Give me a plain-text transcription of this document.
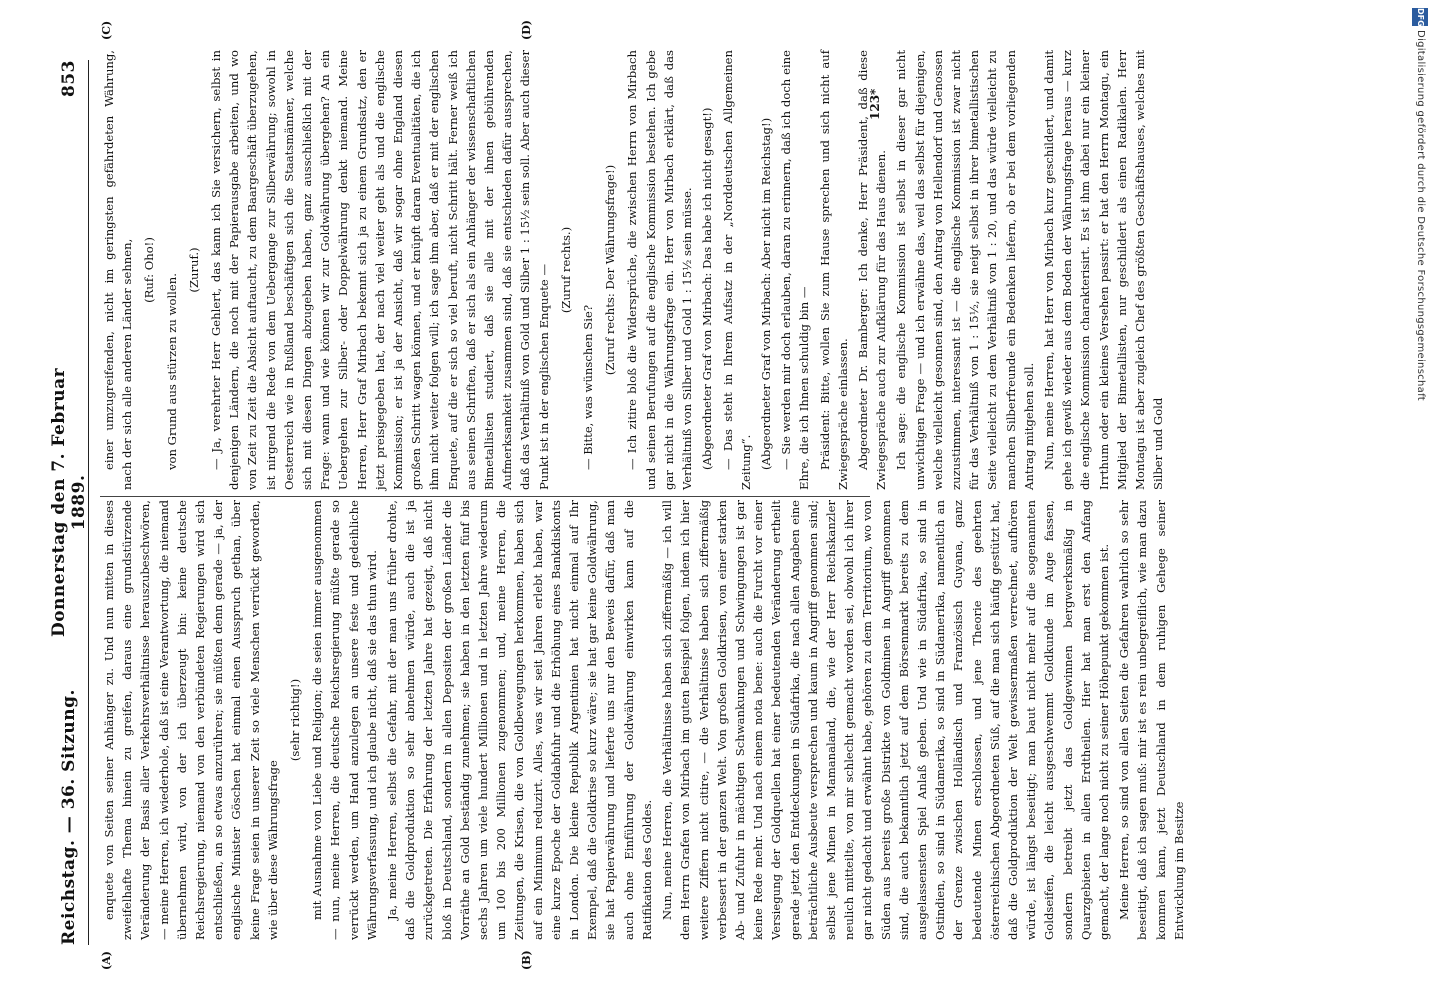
Reichstag. — 36. Sitzung.
Donnerstag den 7. Februar 1889.
853
(A)	(B)
(C)	(D)

enquete von Seiten seiner Anhänger zu. Und nun mitten in dieses zweifelhafte Thema hinein zu greifen, daraus eine grundstürzende Veränderung der Basis aller Verkehrsverhältnisse herauszubeschwören, — meine Herren, ich wiederhole, daß ist eine Verantwortung, die niemand übernehmen wird, von der ich überzeugt bin: keine deutsche Reichsregierung, niemand von den verbündeten Regierungen wird sich entschließen, an so etwas anzurühren; sie müßten denn gerade — ja, der englische Minister Göschen hat einmal einen Ausspruch gethan, über keine Frage seien in unserer Zeit so viele Menschen verrückt geworden, wie über diese Währungsfrage

(sehr richtig!) mit Ausnahme von Liebe und Religion; die seien immer ausgenommen — nun, meine Herren, die deutsche Reichsregierung müßte gerade so verrückt werden, um Hand anzulegen an unsere feste und gedeihliche Währungsverfassung, und ich glaube nicht, daß sie das thun wird. Ja, meine Herren, selbst die Gefahr, mit der man uns früher drohte, daß die Goldproduktion so sehr abnehmen würde, auch die ist ja zurückgetreten. Die Erfahrung der letzten Jahre hat gezeigt, daß nicht bloß in Deutschland, sondern in allen Depositen der großen Länder die Vorräthe an Gold beständig zunehmen; sie haben in den letzten fünf bis sechs Jahren um viele hundert Millionen und in letzten Jahre wiederum um 100 bis 200 Millionen zugenommen; und, meine Herren, die Zeitungen, die Krisen, die von Goldbewegungen herkommen, haben sich auf ein Minimum reduzirt. Alles, was wir seit Jahren erlebt haben, war eine kurze Epoche der Goldabfuhr und die Erhöhung eines Bankdiskonts in London. Die kleine Republik Argentinien hat nicht einmal auf Ihr Exempel, daß die Goldkrise so kurz wäre; sie hat gar keine Goldwährung, sie hat Papierwährung und lieferte uns nur den Beweis dafür, daß man auch ohne Einführung der Goldwährung einwirken kann auf die Ratifikation des Goldes. Nun, meine Herren, die Verhältnisse haben sich ziffermäßig — ich will dem Herrn Grafen von Mirbach im guten Beispiel folgen, indem ich hier weitere Ziffern nicht citire, — die Verhältnisse haben sich ziffermäßig verbessert in der ganzen Welt. Von großen Goldkrisen, von einer starken Ab- und Zufuhr in mächtigen Schwankungen und Schwingungen ist gar keine Rede mehr. Und nach einem nota bene: auch die Furcht vor einer Versiegung der Goldquellen hat einer bedeutenden Veränderung ertheilt gerade jetzt den Entdeckungen in Südafrika, die nach allen Angaben eine beträchtliche Ausbeute versprechen und kaum in Angriff genommen sind; selbst jene Minen in Mamanaland, die, wie der Herr Reichskanzler neulich mitteilte, von mir schlecht gemacht worden sei, obwohl ich ihrer gar nicht gedacht und erwähnt habe, gehören zu dem Territorium, wo von Süden aus bereits große Distrikte von Goldminen in Angriff genommen sind, die auch bekanntlich jetzt auf dem Börsenmarkt bereits zu dem ausgelassensten Spiel Anlaß geben. Und wie in Südafrika, so sind in Ostindien, so sind in Südamerika, so sind in Südamerika, namentlich an der Grenze zwischen Holländisch und Französisch Guyana, ganz bedeutende Minen erschlossen, und jene Theorie des geehrten österreichischen Abgeordneten Süß, auf die man sich häufig gestützt hat, daß die Goldproduktion der Welt gewissermaßen verrechnet, aufhören würde, ist längst beseitigt; man baut nicht mehr auf die sogenannten Goldseifen, die leicht ausgeschwemmt Goldkunde im Auge fassen, sondern betreibt jetzt das Goldgewinnen bergwerksmäßig in Quarzgebieten in allen Erdtheilen. Hier hat man erst den Anfang gemacht, der lange noch nicht zu seiner Höhepunkt gekommen ist. Meine Herren, so sind von allen Seiten die Gefahren wahrlich so sehr beseitigt, daß ich sagen muß: mir ist es rein unbegreiflich, wie man dazu kommen kann, jetzt Deutschland in dem ruhigen Gehege seiner Entwicklung im Besitze

einer umzugreifenden, nicht im geringsten gefährdeten Währung, nach der sich alle anderen Länder sehnen, (Ruf: Oho!)

von Grund aus stürzen zu wollen.

(Zuruf.) — Ja, verehrter Herr Gehlert, das kann ich Sie versichern, selbst in denjenigen Ländern, die noch mit der Papierausgabe arbeiten, und wo von Zeit zu Zeit die Absicht auftaucht, zu dem Baargeschäft überzugehen, ist nirgend die Rede von dem Uebergange zur Silberwährung; sowohl in Oesterreich wie in Rußland beschäftigen sich die Staatsmänner, welche sich mit diesen Dingen abzugeben haben, ganz ausschließlich mit der Frage: wann und wie können wir zur Goldwährung übergehen? An ein Uebergehen zur Silber- oder Doppelwährung denkt niemand. Meine Herren, Herr Graf Mirbach bekennt sich ja zu einem Grundsatz, den er jetzt preisgegeben hat, der nach viel weiter geht als und die englische Kommission; er ist ja der Ansicht, daß wir sogar ohne England diesen großen Schritt wagen können, und er knüpft daran Eventualitäten, die ich ihm nicht weiter folgen will; ich sage ihm aber, daß er mit der englischen Enquete, auf die er sich so viel beruft, nicht Schritt hält. Ferner weiß ich aus seinen Schriften, daß er sich als ein Anhänger der wissenschaftlichen Bimetallisten studiert, daß sie alle mit der ihnen gebührenden Aufmerksamkeit zusammen sind, daß sie entschieden dafür aussprechen, daß das Verhältniß von Gold und Silber 1 : 15½ sein soll. Aber auch dieser Punkt ist in der englischen Enquete — (Zuruf rechts.)

— Bitte, was wünschen Sie?

(Zuruf rechts: Der Währungsfrage!) — Ich zitire bloß die Widersprüche, die zwischen Herrn von Mirbach und seinen Berufungen auf die englische Kommission bestehen. Ich gebe gar nicht in die Währungsfrage ein. Herr von Mirbach erklärt, daß das Verhältniß von Silber und Gold 1 : 15½ sein müsse. (Abgeordneter Graf von Mirbach: Das habe ich nicht gesagt!) — Das steht in Ihrem Aufsatz in der „Norddeutschen Allgemeinen Zeitung“. (Abgeordneter Graf von Mirbach: Aber nicht im Reichstag!) — Sie werden mir doch erlauben, daran zu erinnern, daß ich doch eine Ehre, die ich Ihnen schuldig bin — Präsident: Bitte, wollen Sie zum Hause sprechen und sich nicht auf Zwiegespräche einlassen. Abgeordneter Dr. Bamberger: Ich denke, Herr Präsident, daß diese Zwiegespräche auch zur Aufklärung für das Haus dienen. Ich sage: die englische Kommission ist selbst in dieser gar nicht unwichtigen Frage — und ich erwähne das, weil das selbst für diejenigen, welche vielleicht gesonnen sind, den Antrag von Hellendorf und Genossen zuzustimmen, interessant ist — die englische Kommission ist zwar nicht für das Verhältniß von 1 : 15½, sie neigt selbst in ihrer bimetallistischen Seite vielleicht zu dem Verhältniß von 1 : 20, und das würde vielleicht zu manchen Silberfreunde ein Bedenken liefern, ob er bei dem vorliegenden Antrag mitgehen soll. Nun, meine Herren, hat Herr von Mirbach kurz geschildert, und damit gehe ich gewiß wieder aus dem Boden der Währungsfrage heraus — kurz die englische Kommission charakterisirt. Es ist ihm dabei nur ein kleiner Irrthum oder ein kleines Versehen passirt: er hat den Herrn Montagu, ein Mitglied der Bimetallisten, nur geschildert als einen Radikalen. Herr Montagu ist aber zugleich Chef des größten Geschäftshauses, welches mit Silber und Gold

123*
DFG
Digitalisierung gefördert durch die Deutsche Forschungsgemeinschaft
